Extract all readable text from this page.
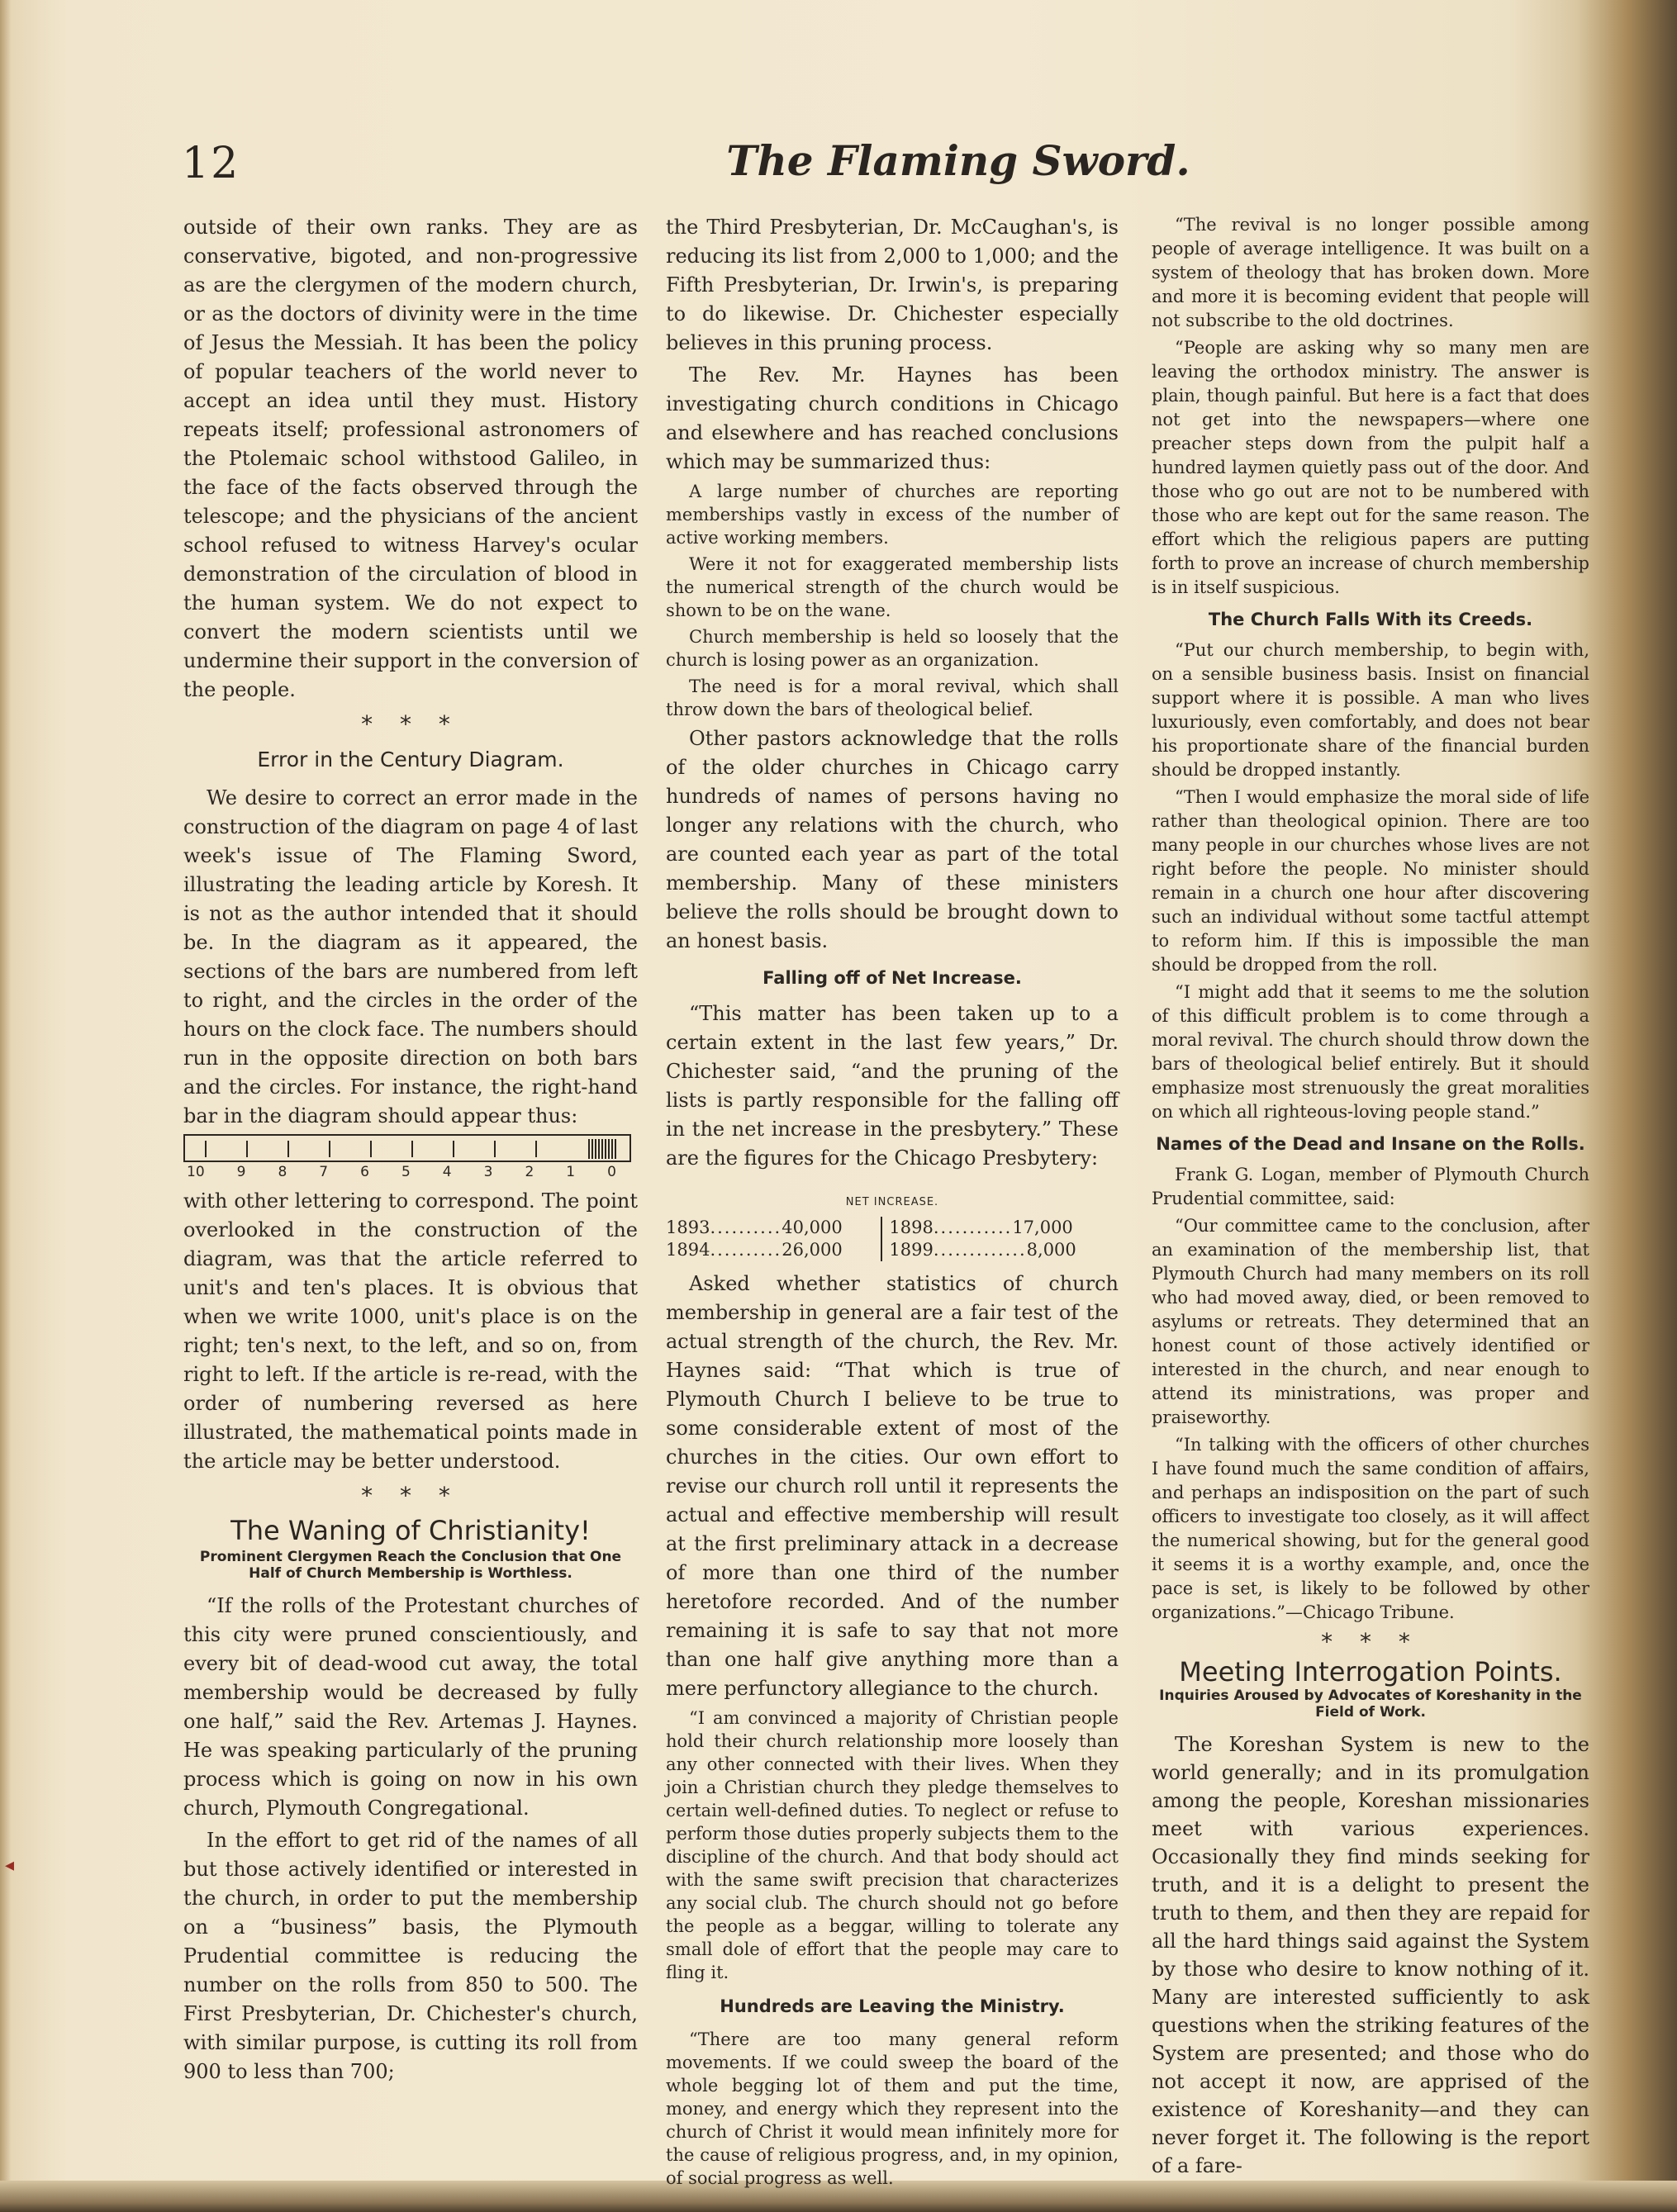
◂
12	The Flaming Sword.

outside of their own ranks. They are as conservative, bigoted, and non-progressive as are the clergymen of the modern church, or as the doctors of divinity were in the time of Jesus the Messiah. It has been the policy of popular teachers of the world never to accept an idea until they must. History repeats itself; professional astronomers of the Ptolemaic school withstood Galileo, in the face of the facts observed through the telescope; and the physicians of the ancient school refused to witness Harvey's ocular demonstration of the circulation of blood in the human system. We do not expect to convert the modern scientists until we undermine their support in the conversion of the people.

* * *
Error in the Century Diagram.

We desire to correct an error made in the construction of the diagram on page 4 of last week's issue of The Flaming Sword, illustrating the leading article by Koresh. It is not as the author intended that it should be. In the diagram as it appeared, the sections of the bars are numbered from left to right, and the circles in the order of the hours on the clock face. The numbers should run in the opposite direction on both bars and the circles. For instance, the right-hand bar in the diagram should appear thus:

10 9 8 7 6 5 4 3 2 1 0

with other lettering to correspond. The point overlooked in the construction of the diagram, was that the article referred to unit's and ten's places. It is obvious that when we write 1000, unit's place is on the right; ten's next, to the left, and so on, from right to left. If the article is re-read, with the order of numbering reversed as here illustrated, the mathematical points made in the article may be better understood.

* * *
The Waning of Christianity!
Prominent Clergymen Reach the Conclusion that One Half of Church Membership is Worthless.

“If the rolls of the Protestant churches of this city were pruned conscientiously, and every bit of dead-wood cut away, the total membership would be decreased by fully one half,” said the Rev. Artemas J. Haynes. He was speaking particularly of the pruning process which is going on now in his own church, Plymouth Congregational.

In the effort to get rid of the names of all but those actively identified or interested in the church, in order to put the membership on a “business” basis, the Plymouth Prudential committee is reducing the number on the rolls from 850 to 500. The First Presbyterian, Dr. Chichester's church, with similar purpose, is cutting its roll from 900 to less than 700;

the Third Presbyterian, Dr. McCaughan's, is reducing its list from 2,000 to 1,000; and the Fifth Presbyterian, Dr. Irwin's, is preparing to do likewise. Dr. Chichester especially believes in this pruning process.

The Rev. Mr. Haynes has been investigating church conditions in Chicago and elsewhere and has reached conclusions which may be summarized thus:

A large number of churches are reporting memberships vastly in excess of the number of active working members.

Were it not for exaggerated membership lists the numerical strength of the church would be shown to be on the wane.

Church membership is held so loosely that the church is losing power as an organization.

The need is for a moral revival, which shall throw down the bars of theological belief.

Other pastors acknowledge that the rolls of the older churches in Chicago carry hundreds of names of persons having no longer any relations with the church, who are counted each year as part of the total membership. Many of these ministers believe the rolls should be brought down to an honest basis.

Falling off of Net Increase.

“This matter has been taken up to a certain extent in the last few years,” Dr. Chichester said, “and the pruning of the lists is partly responsible for the falling off in the net increase in the presbytery.” These are the figures for the Chicago Presbytery:

NET INCREASE.
1893..........40,000	1898...........17,000
1894..........26,000	1899.............8,000

Asked whether statistics of church membership in general are a fair test of the actual strength of the church, the Rev. Mr. Haynes said: “That which is true of Plymouth Church I believe to be true to some considerable extent of most of the churches in the cities. Our own effort to revise our church roll until it represents the actual and effective membership will result at the first preliminary attack in a decrease of more than one third of the number heretofore recorded. And of the number remaining it is safe to say that not more than one half give anything more than a mere perfunctory allegiance to the church.

“I am convinced a majority of Christian people hold their church relationship more loosely than any other connected with their lives. When they join a Christian church they pledge themselves to certain well-defined duties. To neglect or refuse to perform those duties properly subjects them to the discipline of the church. And that body should act with the same swift precision that characterizes any social club. The church should not go before the people as a beggar, willing to tolerate any small dole of effort that the people may care to fling it.

Hundreds are Leaving the Ministry.

“There are too many general reform movements. If we could sweep the board of the whole begging lot of them and put the time, money, and energy which they represent into the church of Christ it would mean infinitely more for the cause of religious progress, and, in my opinion, of social progress as well.

“The revival is no longer possible among people of average intelligence. It was built on a system of theology that has broken down. More and more it is becoming evident that people will not subscribe to the old doctrines.

“People are asking why so many men are leaving the orthodox ministry. The answer is plain, though painful. But here is a fact that does not get into the newspapers—where one preacher steps down from the pulpit half a hundred laymen quietly pass out of the door. And those who go out are not to be numbered with those who are kept out for the same reason. The effort which the religious papers are putting forth to prove an increase of church membership is in itself suspicious.

The Church Falls With its Creeds.

“Put our church membership, to begin with, on a sensible business basis. Insist on financial support where it is possible. A man who lives luxuriously, even comfortably, and does not bear his proportionate share of the financial burden should be dropped instantly.

“Then I would emphasize the moral side of life rather than theological opinion. There are too many people in our churches whose lives are not right before the people. No minister should remain in a church one hour after discovering such an individual without some tactful attempt to reform him. If this is impossible the man should be dropped from the roll.

“I might add that it seems to me the solution of this difficult problem is to come through a moral revival. The church should throw down the bars of theological belief entirely. But it should emphasize most strenuously the great moralities on which all righteous-loving people stand.”

Names of the Dead and Insane on the Rolls.

Frank G. Logan, member of Plymouth Church Prudential committee, said:

“Our committee came to the conclusion, after an examination of the membership list, that Plymouth Church had many members on its roll who had moved away, died, or been removed to asylums or retreats. They determined that an honest count of those actively identified or interested in the church, and near enough to attend its ministrations, was proper and praiseworthy.

“In talking with the officers of other churches I have found much the same condition of affairs, and perhaps an indisposition on the part of such officers to investigate too closely, as it will affect the numerical showing, but for the general good it seems it is a worthy example, and, once the pace is set, is likely to be followed by other organizations.”—Chicago Tribune.

* * *
Meeting Interrogation Points.
Inquiries Aroused by Advocates of Koreshanity in the Field of Work.

The Koreshan System is new to the world generally; and in its promulgation among the people, Koreshan missionaries meet with various experiences. Occasionally they find minds seeking for truth, and it is a delight to present the truth to them, and then they are repaid for all the hard things said against the System by those who desire to know nothing of it. Many are interested sufficiently to ask questions when the striking features of the System are presented; and those who do not accept it now, are apprised of the existence of Koreshanity—and they can never forget it. The following is the report of a fare-
